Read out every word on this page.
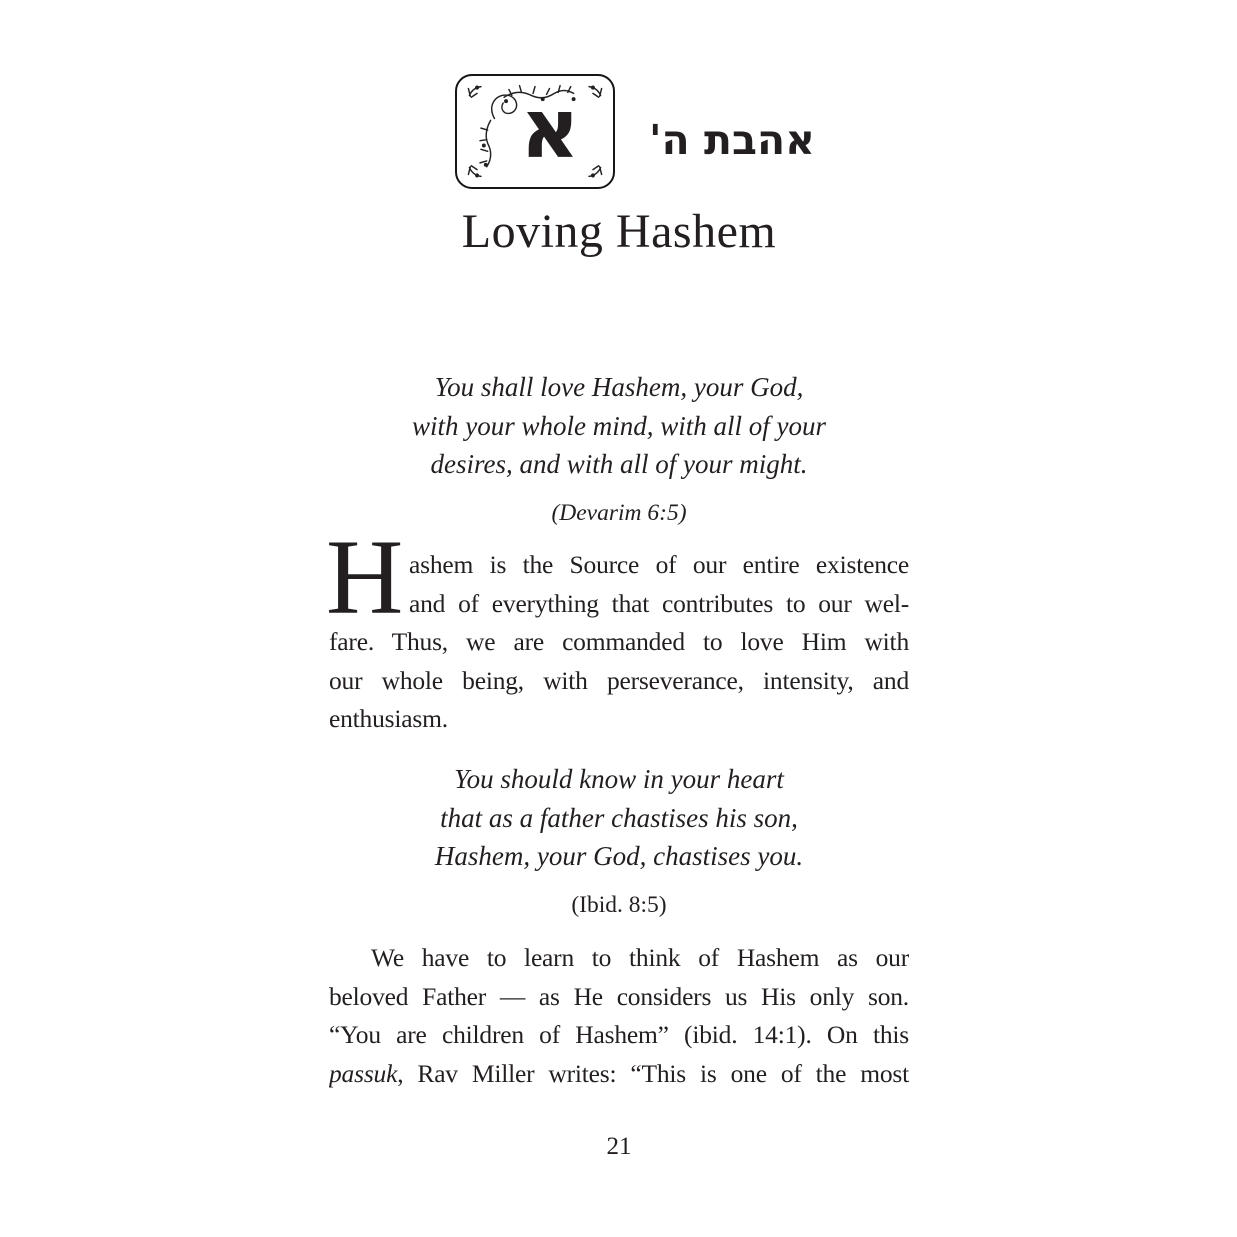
א	אהבת ה'
Loving Hashem
You shall love Hashem, your God,
with your whole mind, with all of your
desires, and with all of your might.
(Devarim 6:5)
H ashem is the Source of our entire existence
and of everything that contributes to our wel-
fare. Thus, we are commanded to love Him with
our whole being, with perseverance, intensity, and
enthusiasm.
You should know in your heart
that as a father chastises his son,
Hashem, your God, chastises you.
(Ibid. 8:5)
We have to learn to think of Hashem as our
beloved Father — as He considers us His only son.
“You are children of Hashem” (ibid. 14:1). On this
passuk, Rav Miller writes: “This is one of the most
21
